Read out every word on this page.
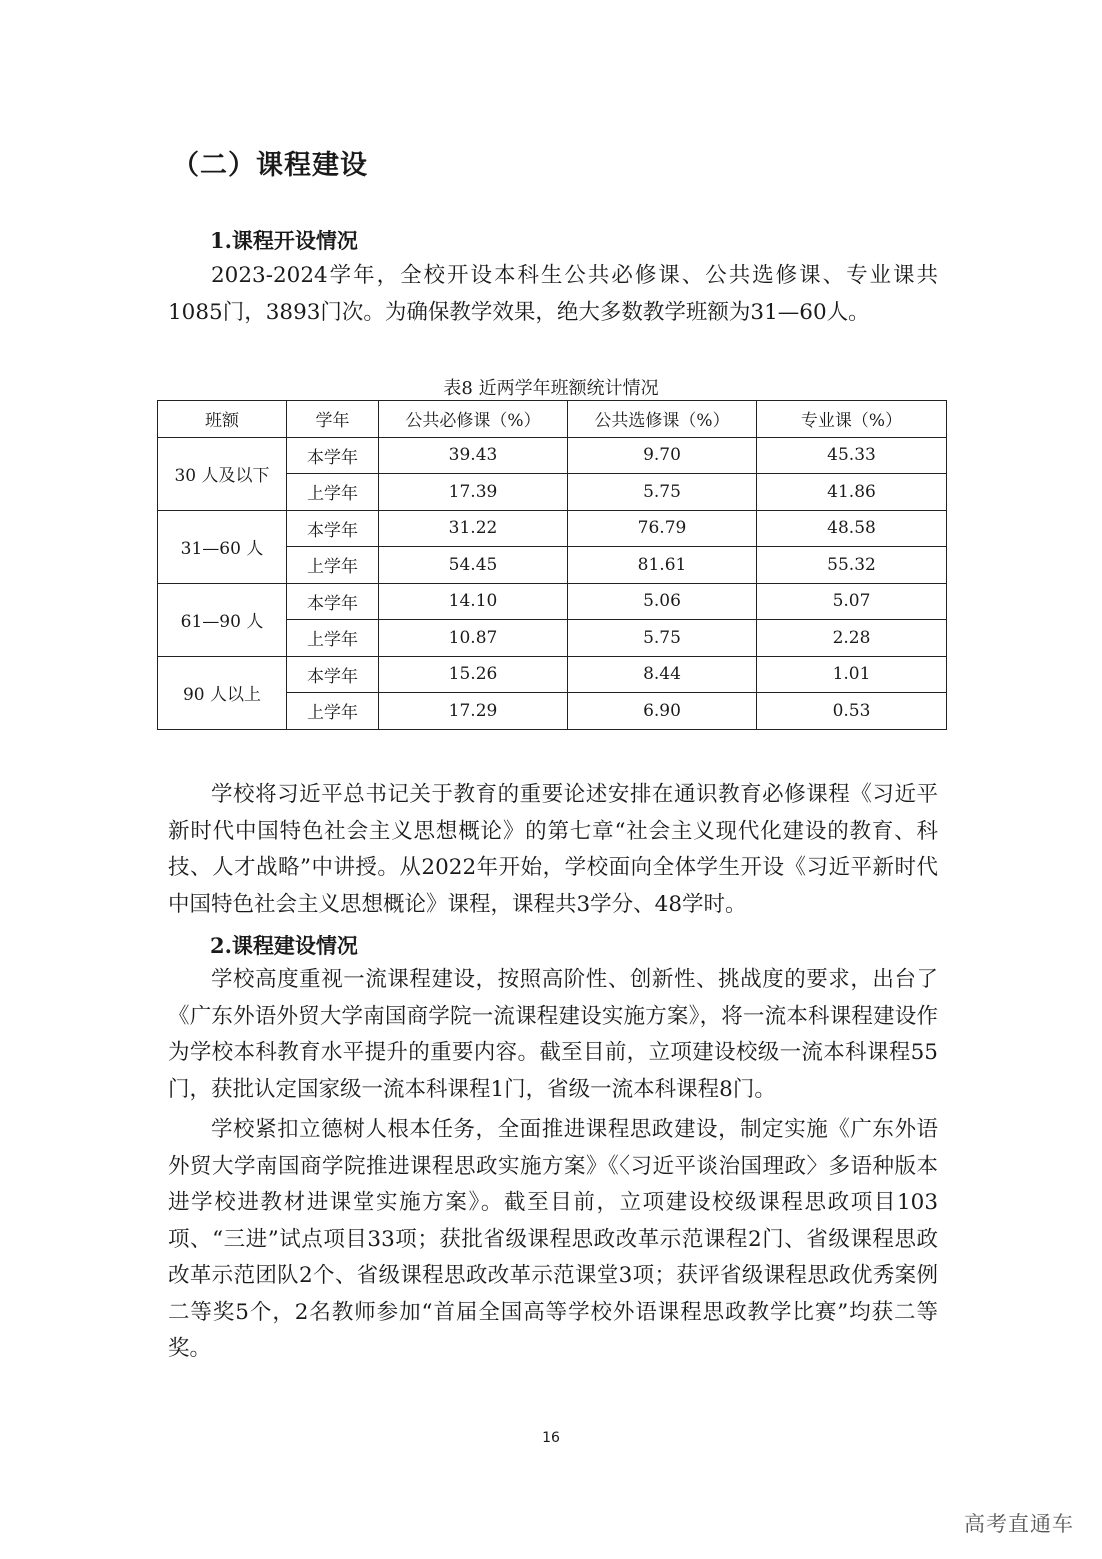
（二）课程建设
1.课程开设情况

2023-2024学年，全校开设本科生公共必修课、公共选修课、专业课共1085门，3893门次。为确保教学效果，绝大多数教学班额为31—60人。

表8 近两学年班额统计情况
班额	学年	公共必修课（%）	公共选修课（%）	专业课（%）
30 人及以下	本学年	39.43	9.70	45.33
	上学年	17.39	5.75	41.86
31—60 人	本学年	31.22	76.79	48.58
	上学年	54.45	81.61	55.32
61—90 人	本学年	14.10	5.06	5.07
	上学年	10.87	5.75	2.28
90 人以上	本学年	15.26	8.44	1.01
	上学年	17.29	6.90	0.53

学校将习近平总书记关于教育的重要论述安排在通识教育必修课程《习近平新时代中国特色社会主义思想概论》的第七章“社会主义现代化建设的教育、科技、人才战略”中讲授。从2022年开始，学校面向全体学生开设《习近平新时代中国特色社会主义思想概论》课程，课程共3学分、48学时。

2.课程建设情况

学校高度重视一流课程建设，按照高阶性、创新性、挑战度的要求，出台了《广东外语外贸大学南国商学院一流课程建设实施方案》，将一流本科课程建设作为学校本科教育水平提升的重要内容。截至目前，立项建设校级一流本科课程55门，获批认定国家级一流本科课程1门，省级一流本科课程8门。

学校紧扣立德树人根本任务，全面推进课程思政建设，制定实施《广东外语外贸大学南国商学院推进课程思政实施方案》《〈习近平谈治国理政〉多语种版本进学校进教材进课堂实施方案》。截至目前，立项建设校级课程思政项目103项、“三进”试点项目33项；获批省级课程思政改革示范课程2门、省级课程思政改革示范团队2个、省级课程思政改革示范课堂3项；获评省级课程思政优秀案例二等奖5个，2名教师参加“首届全国高等学校外语课程思政教学比赛”均获二等奖。

16
高考直通车
